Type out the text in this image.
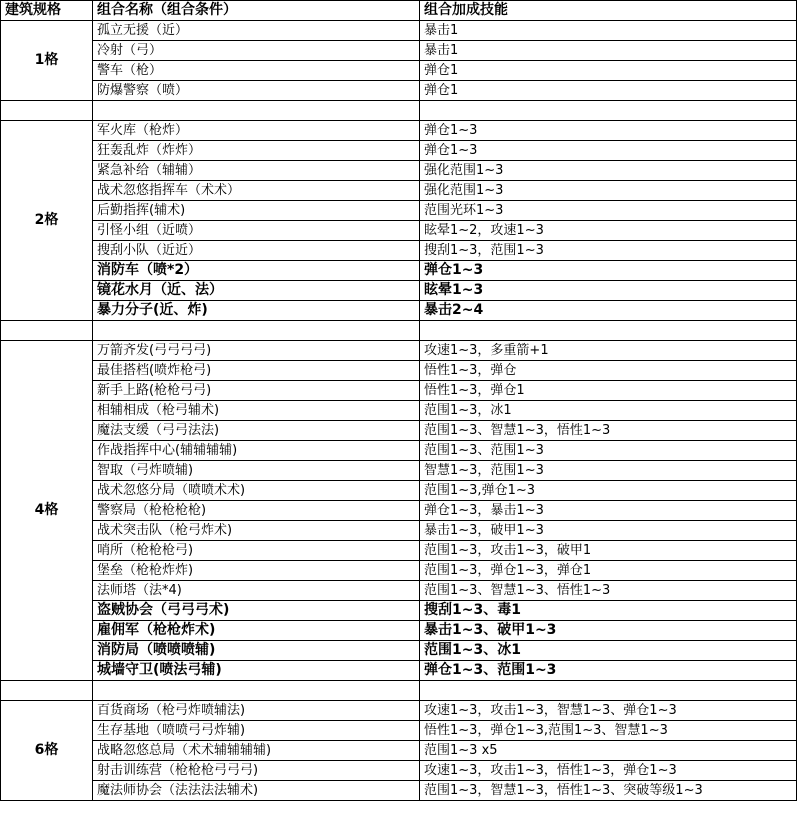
建筑规格	组合名称（组合条件）	组合加成技能
1格	孤立无援（近）	暴击1
	冷射（弓）	暴击1
	警车（枪）	弹仓1
	防爆警察（喷）	弹仓1

2格	军火库（枪炸）	弹仓1~3
	狂轰乱炸（炸炸）	弹仓1~3
	紧急补给（辅辅）	强化范围1~3
	战术忽悠指挥车（术术）	强化范围1~3
	后勤指挥(辅术)	范围光环1~3
	引怪小组（近喷）	眩晕1~2，攻速1~3
	搜刮小队（近近）	搜刮1~3，范围1~3
	消防车（喷*2）	弹仓1~3
	镜花水月（近、法）	眩晕1~3
	暴力分子(近、炸)	暴击2~4

4格	万箭齐发(弓弓弓弓)	攻速1~3，多重箭+1
	最佳搭档(喷炸枪弓)	悟性1~3，弹仓
	新手上路(枪枪弓弓)	悟性1~3，弹仓1
	相辅相成（枪弓辅术)	范围1~3，冰1
	魔法支缓（弓弓法法)	范围1~3、智慧1~3，悟性1~3
	作战指挥中心(辅辅辅辅)	范围1~3、范围1~3
	智取（弓炸喷辅)	智慧1~3，范围1~3
	战术忽悠分局（喷喷术术)	范围1~3,弹仓1~3
	警察局（枪枪枪枪)	弹仓1~3，暴击1~3
	战术突击队（枪弓炸术)	暴击1~3，破甲1~3
	哨所（枪枪枪弓)	范围1~3，攻击1~3，破甲1
	堡垒（枪枪炸炸)	范围1~3，弹仓1~3，弹仓1
	法师塔（法*4)	范围1~3、智慧1~3、悟性1~3
	盗贼协会（弓弓弓术)	搜刮1~3、毒1
	雇佣军（枪枪炸术)	暴击1~3、破甲1~3
	消防局（喷喷喷辅)	范围1~3、冰1
	城墙守卫(喷法弓辅)	弹仓1~3、范围1~3

6格	百货商场（枪弓炸喷辅法)	攻速1~3，攻击1~3，智慧1~3、弹仓1~3
	生存基地（喷喷弓弓炸辅)	悟性1~3，弹仓1~3,范围1~3、智慧1~3
	战略忽悠总局（术术辅辅辅辅)	范围1~3 x5
	射击训练营（枪枪枪弓弓弓)	攻速1~3，攻击1~3，悟性1~3，弹仓1~3
	魔法师协会（法法法法辅术)	范围1~3，智慧1~3，悟性1~3、突破等级1~3
